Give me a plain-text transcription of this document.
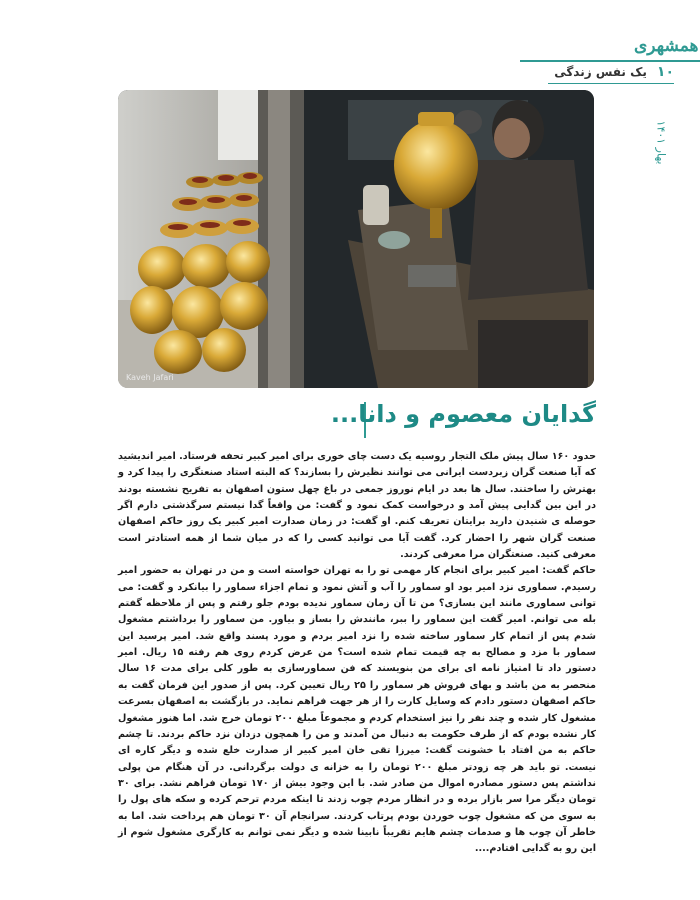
همشهری
۱۰
یک نفس زندگی
بهار ۱۴۰۱
Kaveh Jafari
گدایان معصوم و دانا...

حدود ۱۶۰ سال پیش ملک التجار روسیه یک دست چای خوری برای امیر کبیر تحفه فرستاد. امیر اندیشید که آیا صنعت گران زبردست ایرانی می توانند نظیرش را بسازند؟ که البته استاد صنعتگری را پیدا کرد و بهترش را ساختند. سال ها بعد در ایام نوروز جمعی در باغ چهل ستون اصفهان به تفریح نشسته بودند در این بین گدایی پیش آمد و درخواست کمک نمود و گفت: من واقعاً گدا نیستم سرگذشتی دارم اگر حوصله ی شنیدن دارید برایتان تعریف کنم. او گفت: در زمان صدارت امیر کبیر یک روز حاکم اصفهان صنعت گران شهر را احضار کرد. گفت آیا می توانید کسی را که در میان شما از همه استادتر است معرفی کنید. صنعتگران مرا معرفی کردند.

حاکم گفت: امیر کبیر برای انجام کار مهمی تو را به تهران خواسته است و من در تهران به حضور امیر رسیدم. سماوری نزد امیر بود او سماور را آب و آتش نمود و تمام اجزاء سماور را بیانکرد و گفت: می توانی سماوری مانند این بسازی؟ من تا آن زمان سماور ندیده بودم جلو رفتم و پس از ملاحظه گفتم بله می توانم. امیر گفت این سماور را ببر، مانندش را بساز و بیاور. من سماور را برداشتم مشغول شدم پس از اتمام کار سماور ساخته شده را نزد امیر بردم و مورد پسند واقع شد. امیر پرسید این سماور با مزد و مصالح به چه قیمت تمام شده است؟ من عرض کردم روی هم رفته ۱۵ ریال. امیر دستور داد تا امتیاز نامه ای برای من بنویسند که فن سماورسازی به طور کلی برای مدت ۱۶ سال منحصر به من باشد و بهای فروش هر سماور را ۲۵ ریال تعیین کرد. پس از صدور این فرمان گفت به حاکم اصفهان دستور دادم که وسایل کارت را از هر جهت فراهم نماید. در بازگشت به اصفهان بسرعت مشغول کار شده و چند نفر را نیز استخدام کردم و مجموعاً مبلغ ۲۰۰ تومان خرج شد. اما هنوز مشغول کار نشده بودم که از طرف حکومت به دنبال من آمدند و من را همچون دزدان نزد حاکم بردند. تا چشم حاکم به من افتاد با خشونت گفت: میرزا تقی خان امیر کبیر از صدارت خلع شده و دیگر کاره ای نیست. تو باید هر چه زودتر مبلغ ۲۰۰ تومان را به خزانه ی دولت برگردانی. در آن هنگام من پولی نداشتم پس دستور مصادره اموال من صادر شد. با این وجود بیش از ۱۷۰ تومان فراهم نشد. برای ۳۰ تومان دیگر مرا سر بازار برده و در انظار مردم چوب زدند تا اینکه مردم ترحم کرده و سکه های پول را به سوی من که مشغول چوب خوردن بودم پرتاب کردند. سرانجام آن ۳۰ تومان هم پرداخت شد. اما به خاطر آن چوب ها و صدمات چشم هایم تقریباً نابینا شده و دیگر نمی توانم به کارگری مشغول شوم از این رو به گدایی افتادم....
